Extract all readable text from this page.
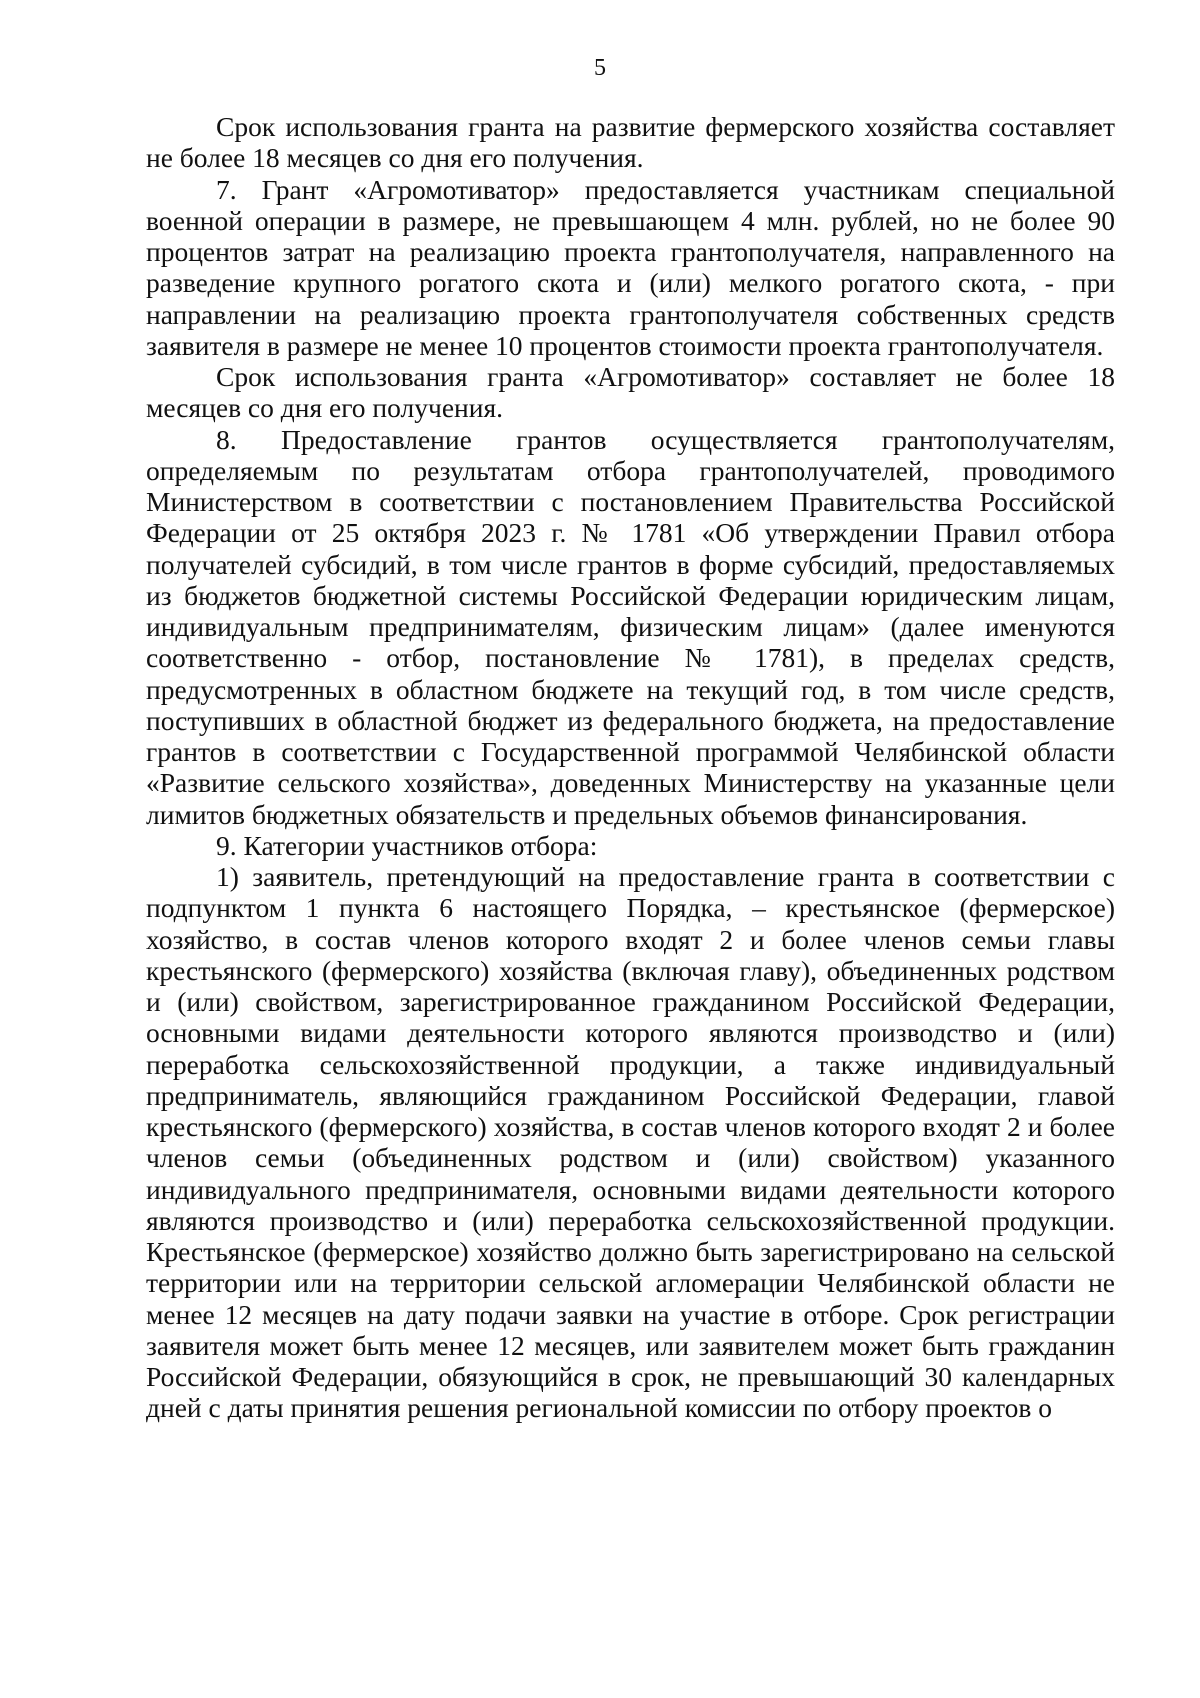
5

Срок использования гранта на развитие фермерского хозяйства составляет не более 18 месяцев со дня его получения.

7. Грант «Агромотиватор» предоставляется участникам специальной военной операции в размере, не превышающем 4 млн. рублей, но не более 90 процентов затрат на реализацию проекта грантополучателя, направленного на разведение крупного рогатого скота и (или) мелкого рогатого скота, - при направлении на реализацию проекта грантополучателя собственных средств заявителя в размере не менее 10 процентов стоимости проекта грантополучателя.

Срок использования гранта «Агромотиватор» составляет не более 18 месяцев со дня его получения.

8. Предоставление грантов осуществляется грантополучателям, определяемым по результатам отбора грантополучателей, проводимого Министерством в соответствии с постановлением Правительства Российской Федерации от 25 октября 2023 г. № 1781 «Об утверждении Правил отбора получателей субсидий, в том числе грантов в форме субсидий, предоставляемых из бюджетов бюджетной системы Российской Федерации юридическим лицам, индивидуальным предпринимателям, физическим лицам» (далее именуются соответственно - отбор, постановление № 1781), в пределах средств, предусмотренных в областном бюджете на текущий год, в том числе средств, поступивших в областной бюджет из федерального бюджета, на предоставление грантов в соответствии с Государственной программой Челябинской области «Развитие сельского хозяйства», доведенных Министерству на указанные цели лимитов бюджетных обязательств и предельных объемов финансирования.

9. Категории участников отбора:

1) заявитель, претендующий на предоставление гранта в соответствии с подпунктом 1 пункта 6 настоящего Порядка, – крестьянское (фермерское) хозяйство, в состав членов которого входят 2 и более членов семьи главы крестьянского (фермерского) хозяйства (включая главу), объединенных родством и (или) свойством, зарегистрированное гражданином Российской Федерации, основными видами деятельности которого являются производство и (или) переработка сельскохозяйственной продукции, а также индивидуальный предприниматель, являющийся гражданином Российской Федерации, главой крестьянского (фермерского) хозяйства, в состав членов которого входят 2 и более членов семьи (объединенных родством и (или) свойством) указанного индивидуального предпринимателя, основными видами деятельности которого являются производство и (или) переработка сельскохозяйственной продукции. Крестьянское (фермерское) хозяйство должно быть зарегистрировано на сельской территории или на территории сельской агломерации Челябинской области не менее 12 месяцев на дату подачи заявки на участие в отборе. Срок регистрации заявителя может быть менее 12 месяцев, или заявителем может быть гражданин Российской Федерации, обязующийся в срок, не превышающий 30 календарных дней с даты принятия решения региональной комиссии по отбору проектов о
